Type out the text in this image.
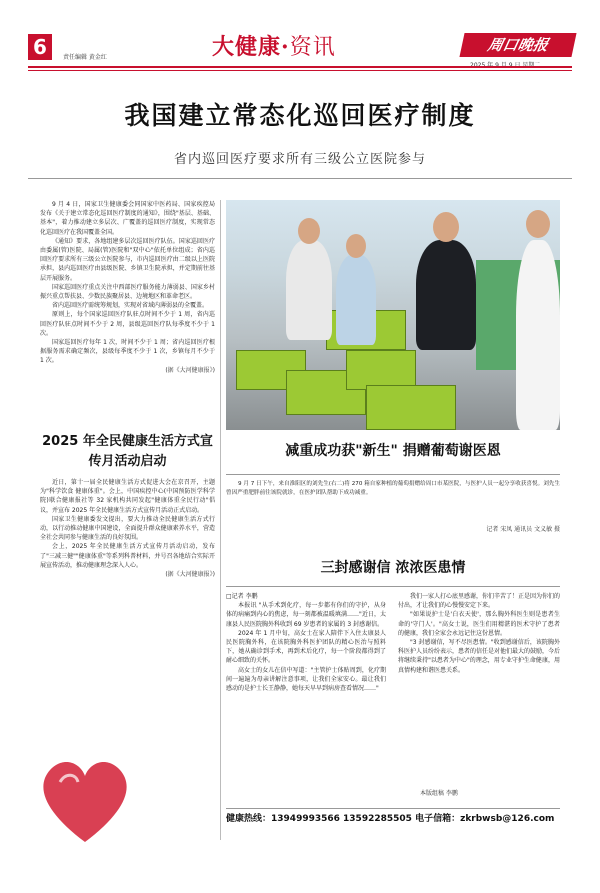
6	责任编辑 黄金红	大健康·资讯	周口晚报
我国建立常态化巡回医疗制度
省内巡回医疗要求所有三级公立医院参与

9 月 4 日，国家卫生健康委会同国家中医药局、国家疾控局发布《关于建立常态化巡回医疗制度的通知》，围绕"基层、基础、基本"，着力推动建立多层次、广覆盖的巡回医疗制度，实现常态化巡回医疗在我国覆盖全国。

《通知》要求，各地组建多层次巡回医疗队伍。国家巡回医疗由委属(管)医院、局属(管)医院和"双中心"依托单位组成；省内巡回医疗要求所有三级公立医院参与，市内巡回医疗由二级以上医院承担，县内巡回医疗由县级医院、乡镇卫生院承担，并定期前往基层开展服务。

国家巡回医疗重点关注中西部医疗服务能力薄弱县、国家乡村振兴重点帮扶县、少数民族聚居县、边境地区和革命老区。

省内巡回医疗需统筹规划，实现对省域内薄弱县的全覆盖。

原则上，每个国家巡回医疗队驻点时间不少于 1 周，省内巡回医疗队驻点时间不少于 2 周，县级巡回医疗队每季度不少于 1 次。

国家巡回医疗每年 1 次，时间不少于 1 周；省内巡回医疗根据服务需求确定频次，县级每季度不少于 1 次，乡镇每月不少于 1 次。

(据《大河健康报》)

2025 年全民健康生活方式宣传月活动启动

近日，第十一届全民健康生活方式促进大会在京召开，主题为"科学饮食 健康体重"。会上，中国疾控中心(中国预防医学科学院)联合健康报社等 32 家机构共同发起"健康体重全民行动"倡议，并宣布 2025 年全民健康生活方式宣传月活动正式启动。

国家卫生健康委发文提出，要大力推动全民健康生活方式行动，以行动推动健康中国建设，全面提升群众健康素养水平，营造全社会共同参与健康生活的良好氛围。

会上，2025 年全民健康生活方式宣传月活动启动，发布了"三减三健""健康体重"等系列科普材料，并号召各地结合实际开展宣传活动，推动健康理念深入人心。

(据《大河健康报》)

减重成功获"新生" 捐赠葡萄谢医恩

9 月 7 日下午，来自淮阳区的刘先生(右二)将 270 箱自家种植的葡萄捐赠给周口市某医院，与医护人员一起分享收获喜悦。刘先生曾因严重肥胖前往该院就诊，在医护团队帮助下成功减重。

记者 宋凤 通讯员 文义敏 摄
三封感谢信 浓浓医患情

□记者 李鹏

本报讯 "从手术到化疗，每一步都有你们的守护，从身体的病痛到内心的焦虑，每一刻都被温暖填满……"近日，太康县人民医院胸外科收到 69 岁患者的家属的 3 封感谢信。

2024 年 1 月中旬，高女士在家人陪伴下入住太康县人民医院胸外科，在该院胸外科医护团队的精心医治与照料下，她从确诊到手术，再到术后化疗，每一个阶段都得到了耐心细致的关怀。

高女士的女儿在信中写道："主管护士体贴周到，化疗期间一遍遍为母亲讲解注意事项，让我们全家安心。最让我们感动的是护士长王静静，她每天早早到病房查看情况……"

我们一家人打心底里感谢，你们辛苦了！正是因为你们的付出，才让我们的心慢慢安定下来。

"如果说护士是'白衣天使'，那么胸外科医生则是患者生命的'守门人'。"高女士说，医生们用精湛的医术守护了患者的健康，我们全家会永远记住这份恩情。

"3 封感谢信，写不尽医患情。"收到感谢信后，该院胸外科医护人员纷纷表示，患者的信任是对他们最大的鼓励，今后将继续秉持"以患者为中心"的理念，用专业守护生命健康，用真情构建和谐医患关系。

本版组稿 李鹏
健康热线：13949993566 13592285505 电子信箱：zkrbwsb@126.com
